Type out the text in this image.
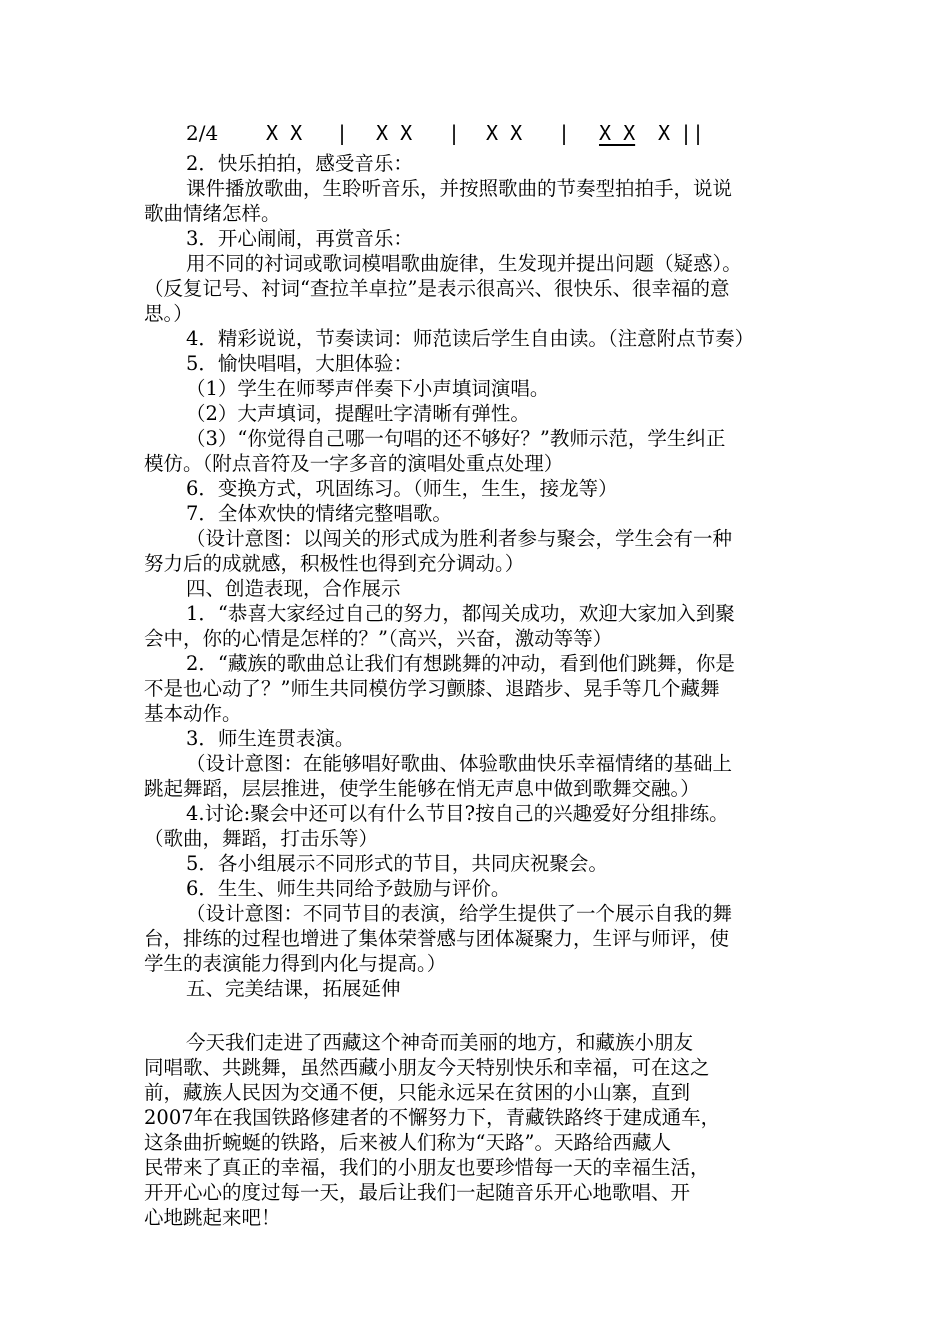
2/4 X X | X X | X X | X X X ||
2．快乐拍拍，感受音乐：
课件播放歌曲，生聆听音乐，并按照歌曲的节奏型拍拍手，说说
歌曲情绪怎样。
3．开心闹闹，再赏音乐：
用不同的衬词或歌词模唱歌曲旋律，生发现并提出问题（疑惑）。
（反复记号、衬词“查拉羊卓拉”是表示很高兴、很快乐、很幸福的意
思。）
4．精彩说说，节奏读词：师范读后学生自由读。（注意附点节奏）
5．愉快唱唱，大胆体验：
（1）学生在师琴声伴奏下小声填词演唱。
（2）大声填词，提醒吐字清晰有弹性。
（3）“你觉得自己哪一句唱的还不够好？”教师示范，学生纠正
模仿。（附点音符及一字多音的演唱处重点处理）
6．变换方式，巩固练习。（师生，生生，接龙等）
7．全体欢快的情绪完整唱歌。
（设计意图：以闯关的形式成为胜利者参与聚会，学生会有一种
努力后的成就感，积极性也得到充分调动。）
四、创造表现，合作展示
1．“恭喜大家经过自己的努力，都闯关成功，欢迎大家加入到聚
会中，你的心情是怎样的？”（高兴，兴奋，激动等等）
2．“藏族的歌曲总让我们有想跳舞的冲动，看到他们跳舞，你是
不是也心动了？”师生共同模仿学习颤膝、退踏步、晃手等几个藏舞
基本动作。
3．师生连贯表演。
（设计意图：在能够唱好歌曲、体验歌曲快乐幸福情绪的基础上
跳起舞蹈，层层推进，使学生能够在悄无声息中做到歌舞交融。）
4.讨论:聚会中还可以有什么节目?按自己的兴趣爱好分组排练。
（歌曲，舞蹈，打击乐等）
5．各小组展示不同形式的节目，共同庆祝聚会。
6．生生、师生共同给予鼓励与评价。
（设计意图：不同节目的表演，给学生提供了一个展示自我的舞
台，排练的过程也增进了集体荣誉感与团体凝聚力，生评与师评，使
学生的表演能力得到内化与提高。）
五、完美结课，拓展延伸
今天我们走进了西藏这个神奇而美丽的地方，和藏族小朋友
同唱歌、共跳舞，虽然西藏小朋友今天特别快乐和幸福，可在这之
前，藏族人民因为交通不便，只能永远呆在贫困的小山寨，直到
2007年在我国铁路修建者的不懈努力下，青藏铁路终于建成通车，
这条曲折蜿蜒的铁路，后来被人们称为“天路”。天路给西藏人
民带来了真正的幸福，我们的小朋友也要珍惜每一天的幸福生活，
开开心心的度过每一天，最后让我们一起随音乐开心地歌唱、开
心地跳起来吧！
